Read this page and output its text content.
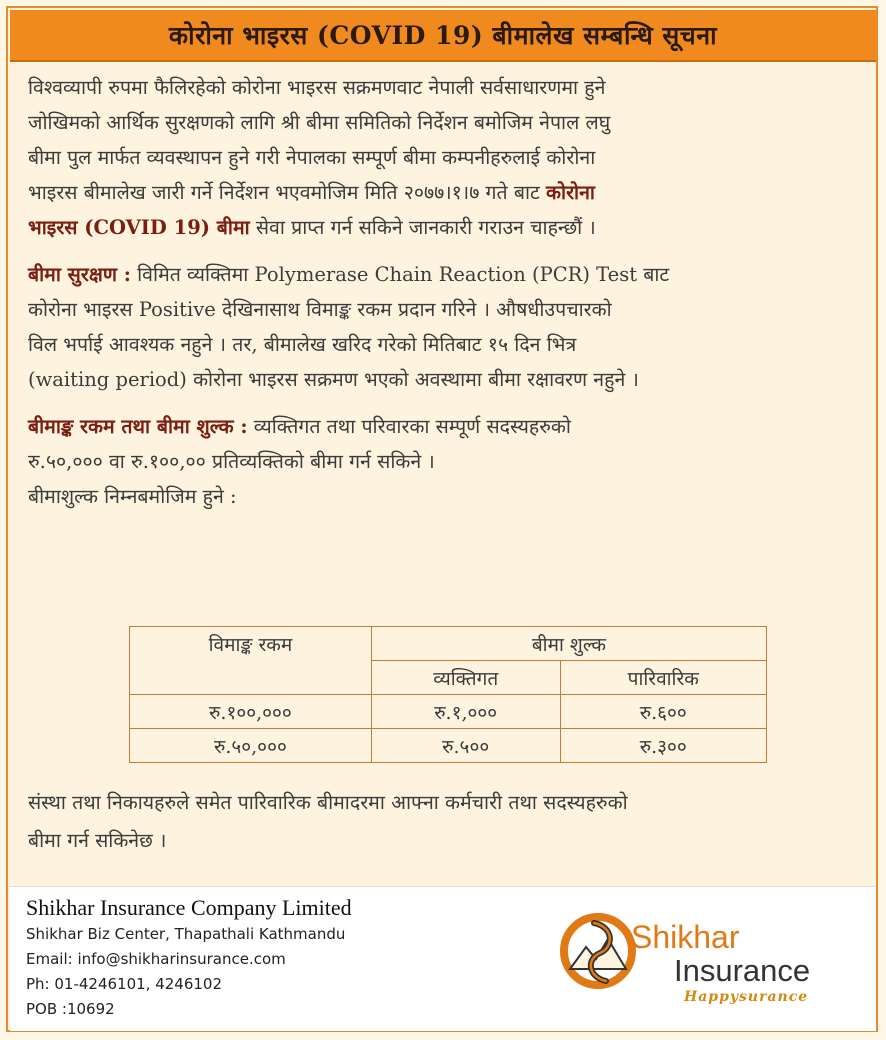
कोरोना भाइरस (COVID 19) बीमालेख सम्बन्धि सूचना
विश्वव्यापी रुपमा फैलिरहेको कोरोना भाइरस सक्रमणवाट नेपाली सर्वसाधारणमा हुने
जोखिमको आर्थिक सुरक्षणको लागि श्री बीमा समितिको निर्देशन बमोजिम नेपाल लघु
बीमा पुल मार्फत व्यवस्थापन हुने गरी नेपालका सम्पूर्ण बीमा कम्पनीहरुलाई कोरोना
भाइरस बीमालेख जारी गर्ने निर्देशन भएवमोजिम मिति २०७७।१।७ गते बाट कोरोना
भाइरस (COVID 19) बीमा सेवा प्राप्त गर्न सकिने जानकारी गराउन चाहन्छौं ।
बीमा सुरक्षण : विमित व्यक्तिमा Polymerase Chain Reaction (PCR) Test बाट
कोरोना भाइरस Positive देखिनासाथ विमाङ्क रकम प्रदान गरिने । औषधीउपचारको
विल भर्पाई आवश्यक नहुने । तर, बीमालेख खरिद गरेको मितिबाट १५ दिन भित्र
(waiting period) कोरोना भाइरस सक्रमण भएको अवस्थामा बीमा रक्षावरण नहुने ।
बीमाङ्क रकम तथा बीमा शुल्क : व्यक्तिगत तथा परिवारका सम्पूर्ण सदस्यहरुको
रु.५०,००० वा रु.१००,०० प्रतिव्यक्तिको बीमा गर्न सकिने ।
बीमाशुल्क निम्नबमोजिम हुने :
विमाङ्क रकम	बीमा शुल्क	
	व्यक्तिगत	पारिवारिक
रु.१००,०००	रु.१,०००	रु.६००
रु.५०,०००	रु.५००	रु.३००
संस्था तथा निकायहरुले समेत पारिवारिक बीमादरमा आफ्ना कर्मचारी तथा सदस्यहरुको
बीमा गर्न सकिनेछ ।
Shikhar Insurance Company Limited
Shikhar Biz Center, Thapathali Kathmandu
Email: info@shikharinsurance.com
Ph: 01-4246101, 4246102
POB :10692
Shikhar
Insurance
Happysurance
